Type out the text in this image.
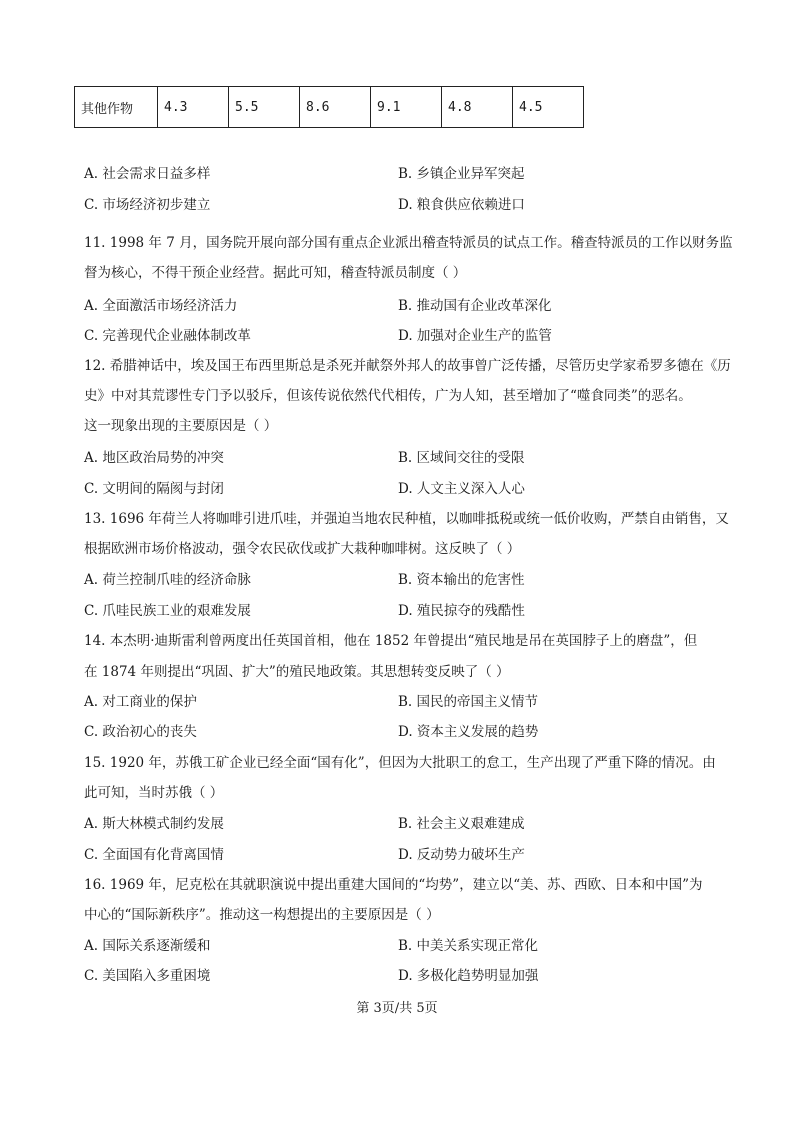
其他作物	4.3	5.5	8.6	9.1	4.8	4.5
A. 社会需求日益多样	B. 乡镇企业异军突起
C. 市场经济初步建立	D. 粮食供应依赖进口
11. 1998 年 7 月，国务院开展向部分国有重点企业派出稽查特派员的试点工作。稽查特派员的工作以财务监
督为核心，不得干预企业经营。据此可知，稽查特派员制度（ ）
A. 全面激活市场经济活力	B. 推动国有企业改革深化
C. 完善现代企业融体制改革	D. 加强对企业生产的监管
12. 希腊神话中，埃及国王布西里斯总是杀死并献祭外邦人的故事曾广泛传播，尽管历史学家希罗多德在《历
史》中对其荒谬性专门予以驳斥，但该传说依然代代相传，广为人知，甚至增加了“噬食同类”的恶名。
这一现象出现的主要原因是（ ）
A. 地区政治局势的冲突	B. 区域间交往的受限
C. 文明间的隔阂与封闭	D. 人文主义深入人心
13. 1696 年荷兰人将咖啡引进爪哇，并强迫当地农民种植，以咖啡抵税或统一低价收购，严禁自由销售，又
根据欧洲市场价格波动，强令农民砍伐或扩大栽种咖啡树。这反映了（ ）
A. 荷兰控制爪哇的经济命脉	B. 资本输出的危害性
C. 爪哇民族工业的艰难发展	D. 殖民掠夺的残酷性
14. 本杰明·迪斯雷利曾两度出任英国首相，他在 1852 年曾提出“殖民地是吊在英国脖子上的磨盘”，但
在 1874 年则提出“巩固、扩大”的殖民地政策。其思想转变反映了（ ）
A. 对工商业的保护	B. 国民的帝国主义情节
C. 政治初心的丧失	D. 资本主义发展的趋势
15. 1920 年，苏俄工矿企业已经全面“国有化”，但因为大批职工的怠工，生产出现了严重下降的情况。由
此可知，当时苏俄（ ）
A. 斯大林模式制约发展	B. 社会主义艰难建成
C. 全面国有化背离国情	D. 反动势力破坏生产
16. 1969 年，尼克松在其就职演说中提出重建大国间的“均势”，建立以“美、苏、西欧、日本和中国”为
中心的“国际新秩序”。推动这一构想提出的主要原因是（ ）
A. 国际关系逐渐缓和	B. 中美关系实现正常化
C. 美国陷入多重困境	D. 多极化趋势明显加强
第 3页/共 5页
